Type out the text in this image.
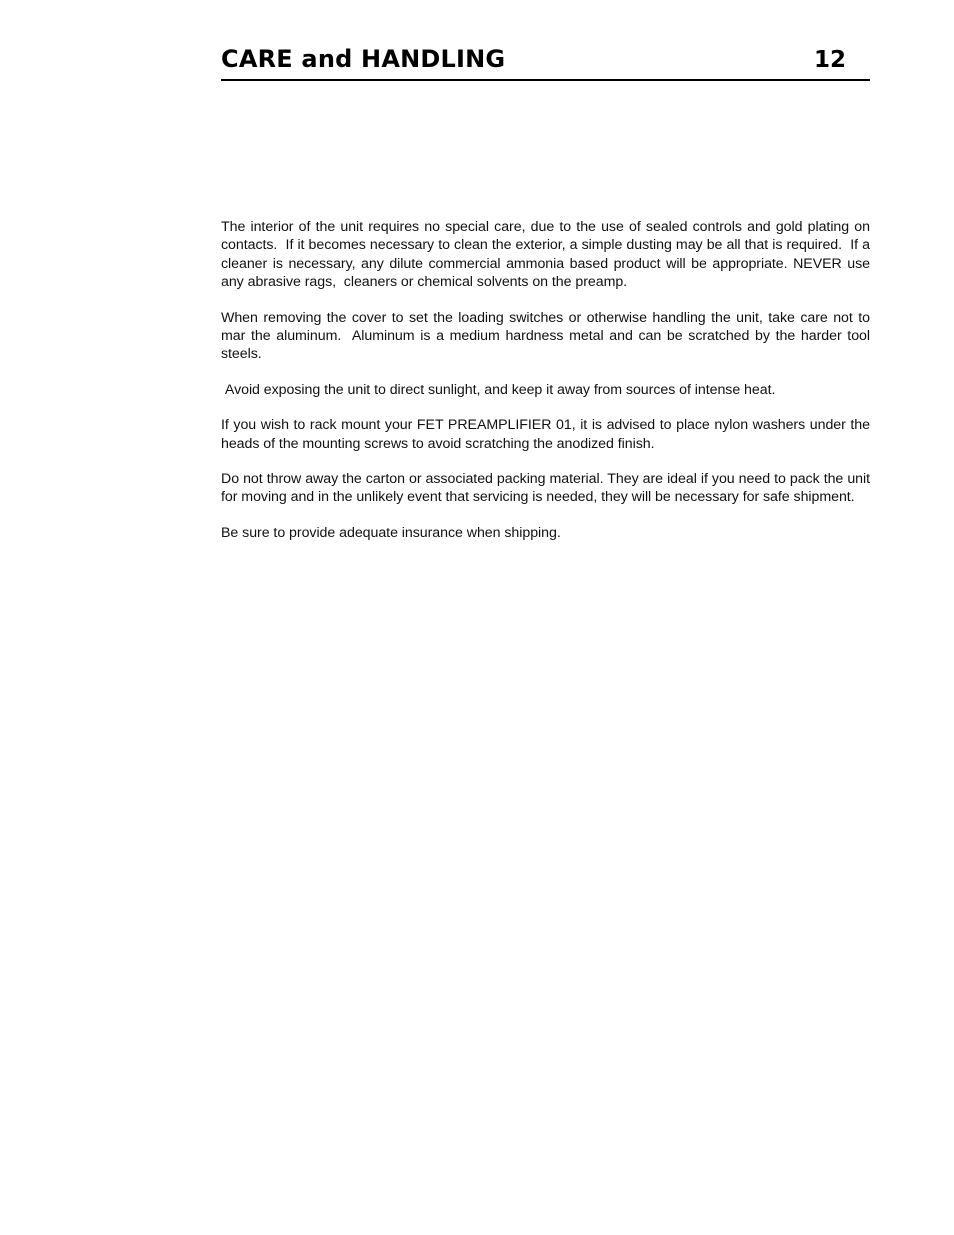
CARE and HANDLING	12

The interior of the unit requires no special care, due to the use of sealed controls and gold plating on contacts.  If it becomes necessary to clean the exterior, a simple dusting may be all that is required.  If a cleaner is necessary, any dilute commercial ammonia based product will be appropriate. NEVER use any abrasive rags,  cleaners or chemical solvents on the preamp.

When removing the cover to set the loading switches or otherwise handling the unit, take care not to mar the aluminum.  Aluminum is a medium hardness metal and can be scratched by the harder tool steels.

Avoid exposing the unit to direct sunlight, and keep it away from sources of intense heat.

If you wish to rack mount your FET PREAMPLIFIER 01, it is advised to place nylon washers under the heads of the mounting screws to avoid scratching the anodized finish.

Do not throw away the carton or associated packing material. They are ideal if you need to pack the unit for moving and in the unlikely event that servicing is needed, they will be necessary for safe shipment.

Be sure to provide adequate insurance when shipping.
